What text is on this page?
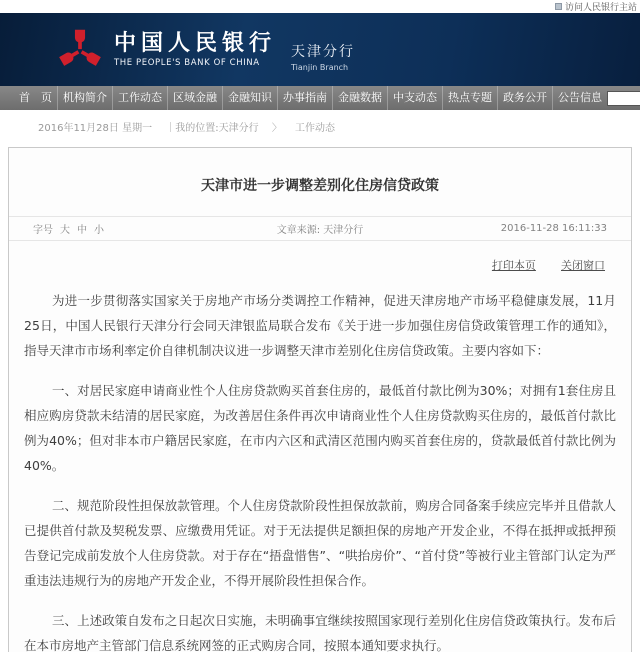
访问人民银行主站
中国人民银行
THE PEOPLE'S BANK OF CHINA
天津分行
Tianjin Branch
首　页	机构简介	工作动态	区域金融	金融知识	办事指南	金融数据	中支动态	热点专题	政务公开	公告信息
2016年11月28日 星期一 ｜我的位置:天津分行 〉 工作动态
天津市进一步调整差别化住房信贷政策
字号 大 中 小	文章来源: 天津分行	2016-11-28 16:11:33
打印本页 关闭窗口

为进一步贯彻落实国家关于房地产市场分类调控工作精神，促进天津房地产市场平稳健康发展，11月25日，中国人民银行天津分行会同天津银监局联合发布《关于进一步加强住房信贷政策管理工作的通知》，指导天津市市场利率定价自律机制决议进一步调整天津市差别化住房信贷政策。主要内容如下：

一、对居民家庭申请商业性个人住房贷款购买首套住房的，最低首付款比例为30%；对拥有1套住房且相应购房贷款未结清的居民家庭，为改善居住条件再次申请商业性个人住房贷款购买住房的，最低首付款比例为40%；但对非本市户籍居民家庭，在市内六区和武清区范围内购买首套住房的，贷款最低首付款比例为40%。

二、规范阶段性担保放款管理。个人住房贷款阶段性担保放款前，购房合同备案手续应完毕并且借款人已提供首付款及契税发票、应缴费用凭证。对于无法提供足额担保的房地产开发企业，不得在抵押或抵押预告登记完成前发放个人住房贷款。对于存在“捂盘惜售”、“哄抬房价”、“首付贷”等被行业主管部门认定为严重违法违规行为的房地产开发企业，不得开展阶段性担保合作。

三、上述政策自发布之日起次日实施，未明确事宜继续按照国家现行差别化住房信贷政策执行。发布后在本市房地产主管部门信息系统网签的正式购房合同，按照本通知要求执行。
